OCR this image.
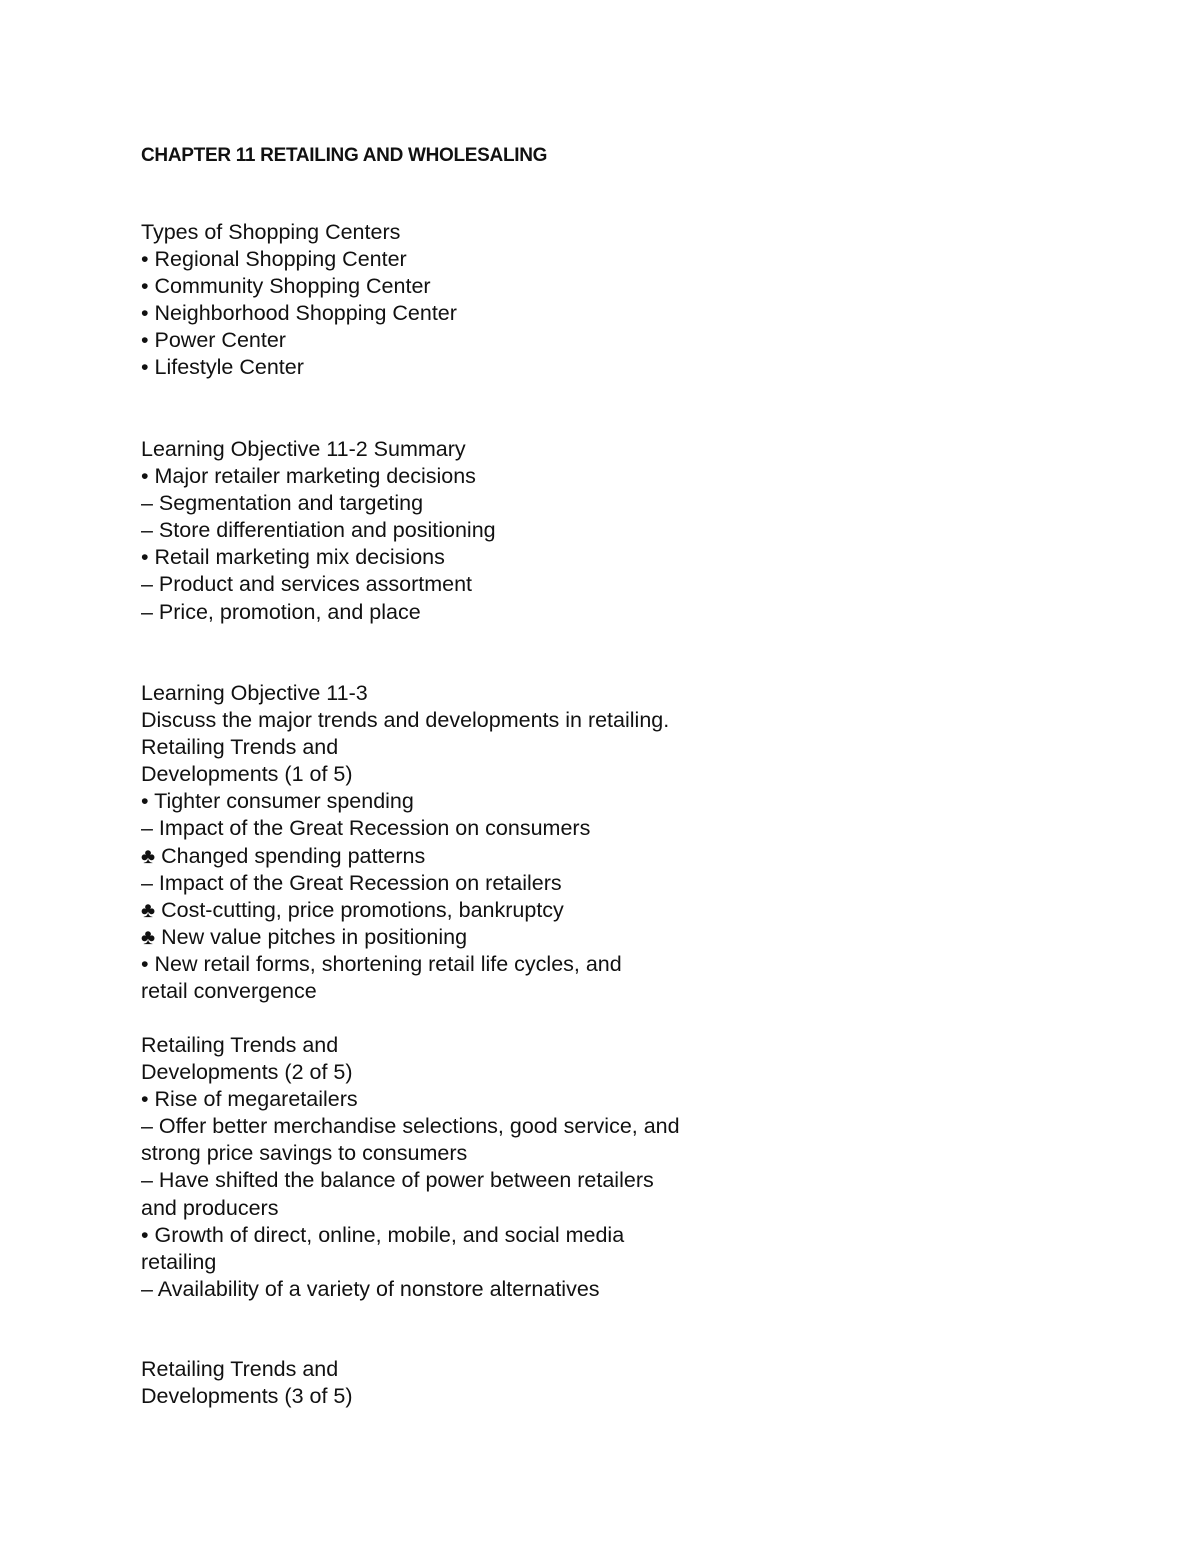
CHAPTER 11 RETAILING AND WHOLESALING
Types of Shopping Centers
• Regional Shopping Center
• Community Shopping Center
• Neighborhood Shopping Center
• Power Center
• Lifestyle Center
Learning Objective 11-2 Summary
• Major retailer marketing decisions
– Segmentation and targeting
– Store differentiation and positioning
• Retail marketing mix decisions
– Product and services assortment
– Price, promotion, and place
Learning Objective 11-3
Discuss the major trends and developments in retailing.
Retailing Trends and
Developments (1 of 5)
• Tighter consumer spending
– Impact of the Great Recession on consumers
♣ Changed spending patterns
– Impact of the Great Recession on retailers
♣ Cost-cutting, price promotions, bankruptcy
♣ New value pitches in positioning
• New retail forms, shortening retail life cycles, and
retail convergence
Retailing Trends and
Developments (2 of 5)
• Rise of megaretailers
– Offer better merchandise selections, good service, and
strong price savings to consumers
– Have shifted the balance of power between retailers
and producers
• Growth of direct, online, mobile, and social media
retailing
– Availability of a variety of nonstore alternatives
Retailing Trends and
Developments (3 of 5)
